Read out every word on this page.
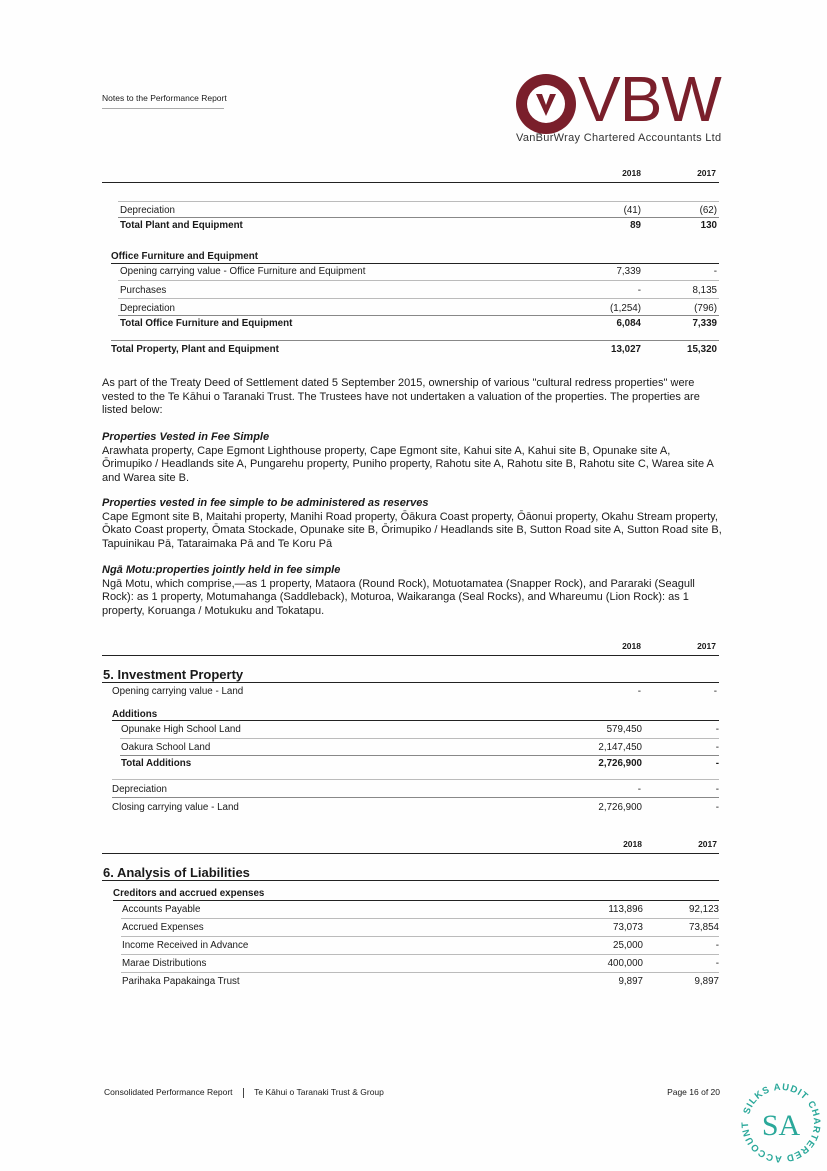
Notes to the Performance Report	VBW
VanBurWray Chartered Accountants Ltd
2018	2017
Depreciation	(41)	(62)
Total Plant and Equipment	89	130
Office Furniture and Equipment
Opening carrying value - Office Furniture and Equipment	7,339	-
Purchases	-	8,135
Depreciation	(1,254)	(796)
Total Office Furniture and Equipment	6,084	7,339
Total Property, Plant and Equipment	13,027	15,320
As part of the Treaty Deed of Settlement dated 5 September 2015, ownership of various "cultural redress properties" were vested to the Te Kāhui o Taranaki Trust. The Trustees have not undertaken a valuation of the properties. The properties are listed below:
Properties Vested in Fee Simple
Arawhata property, Cape Egmont Lighthouse property, Cape Egmont site, Kahui site A, Kahui site B, Opunake site A, Ōrimupiko / Headlands site A, Pungarehu property, Puniho property, Rahotu site A, Rahotu site B, Rahotu site C, Warea site A and Warea site B.
Properties vested in fee simple to be administered as reserves
Cape Egmont site B, Maitahi property, Manihi Road property, Ōākura Coast property, Ōāonui property, Okahu Stream property, Ōkato Coast property, Ōmata Stockade, Opunake site B, Ōrimupiko / Headlands site B, Sutton Road site A, Sutton Road site B, Tapuinikau Pā, Tataraimaka Pā and Te Koru Pā
Ngā Motu:properties jointly held in fee simple
Ngā Motu, which comprise,—as 1 property, Mataora (Round Rock), Motuotamatea (Snapper Rock), and Pararaki (Seagull Rock): as 1 property, Motumahanga (Saddleback), Moturoa, Waikaranga (Seal Rocks), and Whareumu (Lion Rock): as 1 property, Koruanga / Motukuku and Tokatapu.
2018	2017
5. Investment Property
Opening carrying value - Land	-	-
Additions
Opunake High School Land	579,450	-
Oakura School Land	2,147,450	-
Total Additions	2,726,900	-
Depreciation	-	-
Closing carrying value - Land	2,726,900	-
2018	2017
6. Analysis of Liabilities
Creditors and accrued expenses
Accounts Payable	113,896	92,123
Accrued Expenses	73,073	73,854
Income Received in Advance	25,000	-
Marae Distributions	400,000	-
Parihaka Papakainga Trust	9,897	9,897
Consolidated Performance Report	Te Kāhui o Taranaki Trust & Group	Page 16 of 20
SILKS AUDIT CHARTERED ACCOUNT SA
